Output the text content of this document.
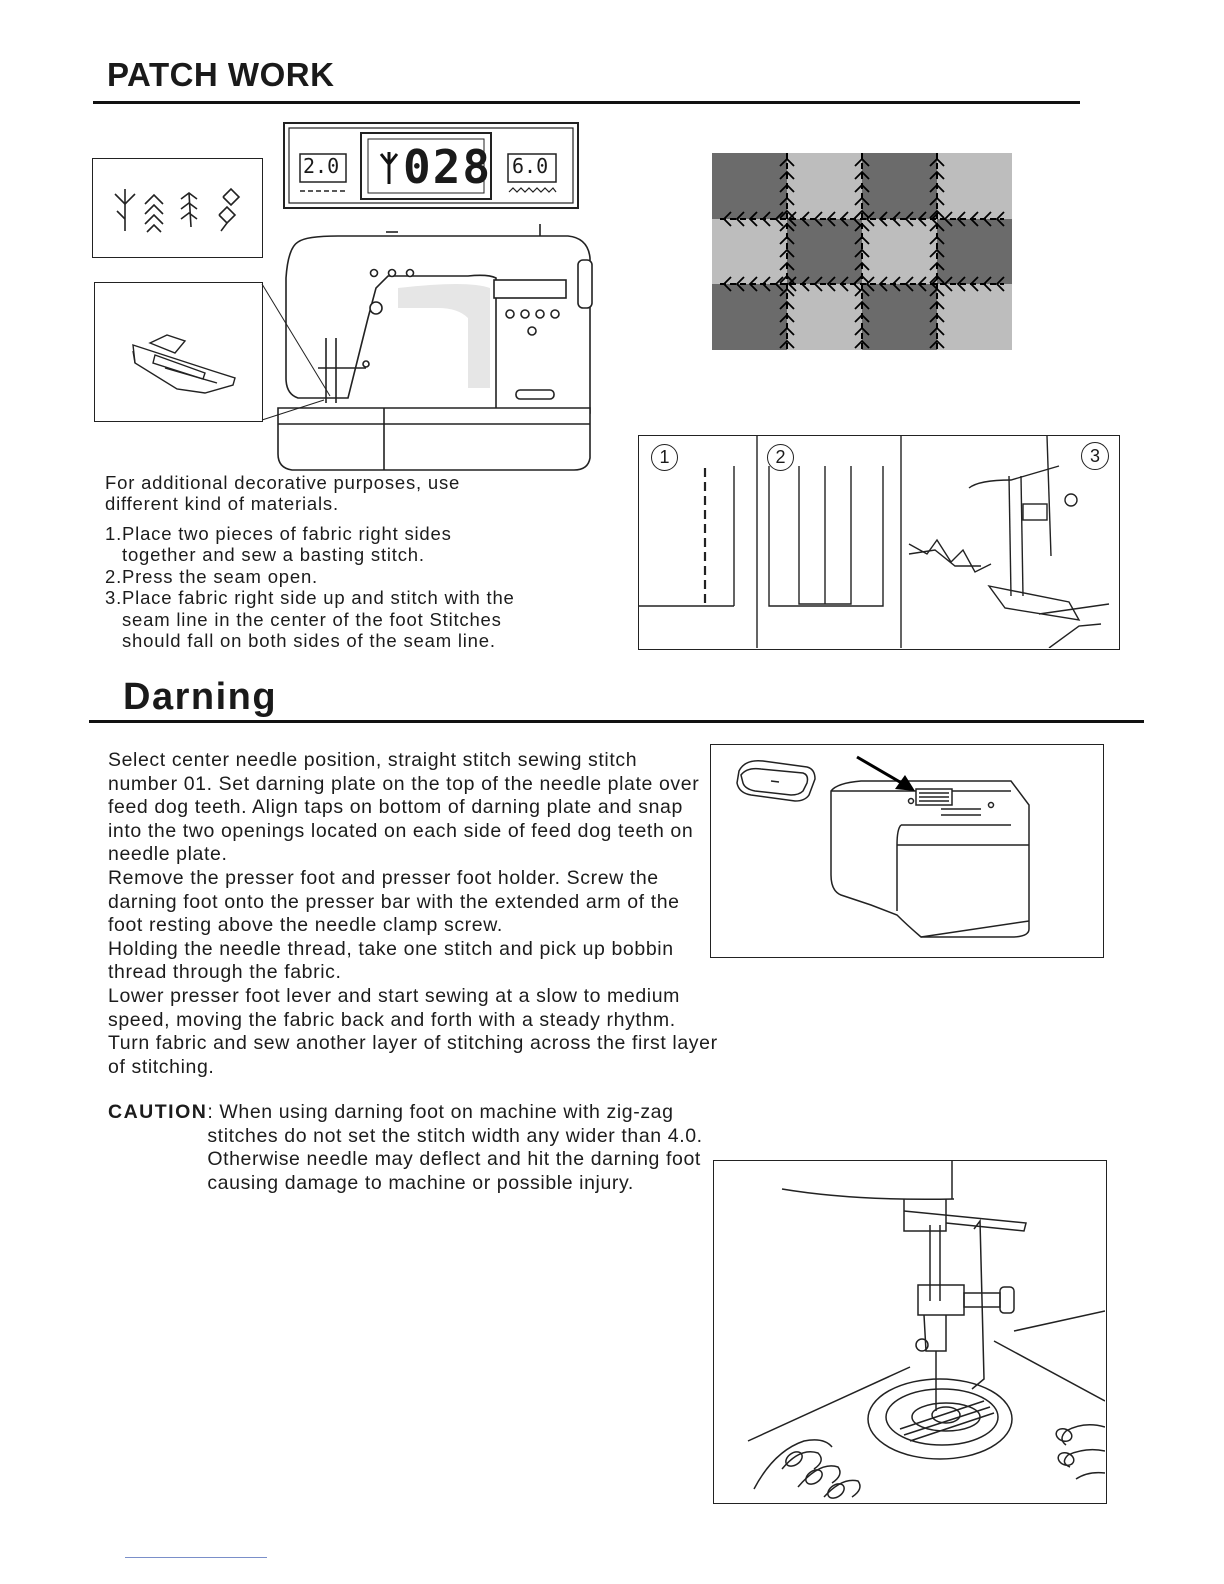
PATCH WORK
2.0 028 6.0
1	2	3
For additional decorative purposes, use different kind of materials.
1.Place two pieces of fabric right sides together and sew a basting stitch.
2.Press the seam open.
3.Place fabric right side up and stitch with the seam line in the center of the foot Stitches should fall on both sides of the seam line.
Darning
Select center needle position, straight stitch sewing stitch number 01. Set darning plate on the top of the needle plate over feed dog teeth. Align taps on bottom of darning plate and snap into the two openings located on each side of feed dog teeth on needle plate.
Remove the presser foot and presser foot holder. Screw the darning foot onto the presser bar with the extended arm of the foot resting above the needle clamp screw.
Holding the needle thread, take one stitch and pick up bobbin thread through the fabric.
Lower presser foot lever and start sewing at a slow to medium speed, moving the fabric back and forth with a steady rhythm.
Turn fabric and sew another layer of stitching across the first layer of stitching.
CAUTION : When using darning foot on machine with zig-zag stitches do not set the stitch width any wider than 4.0. Otherwise needle may deflect and hit the darning foot causing damage to machine or possible injury.
